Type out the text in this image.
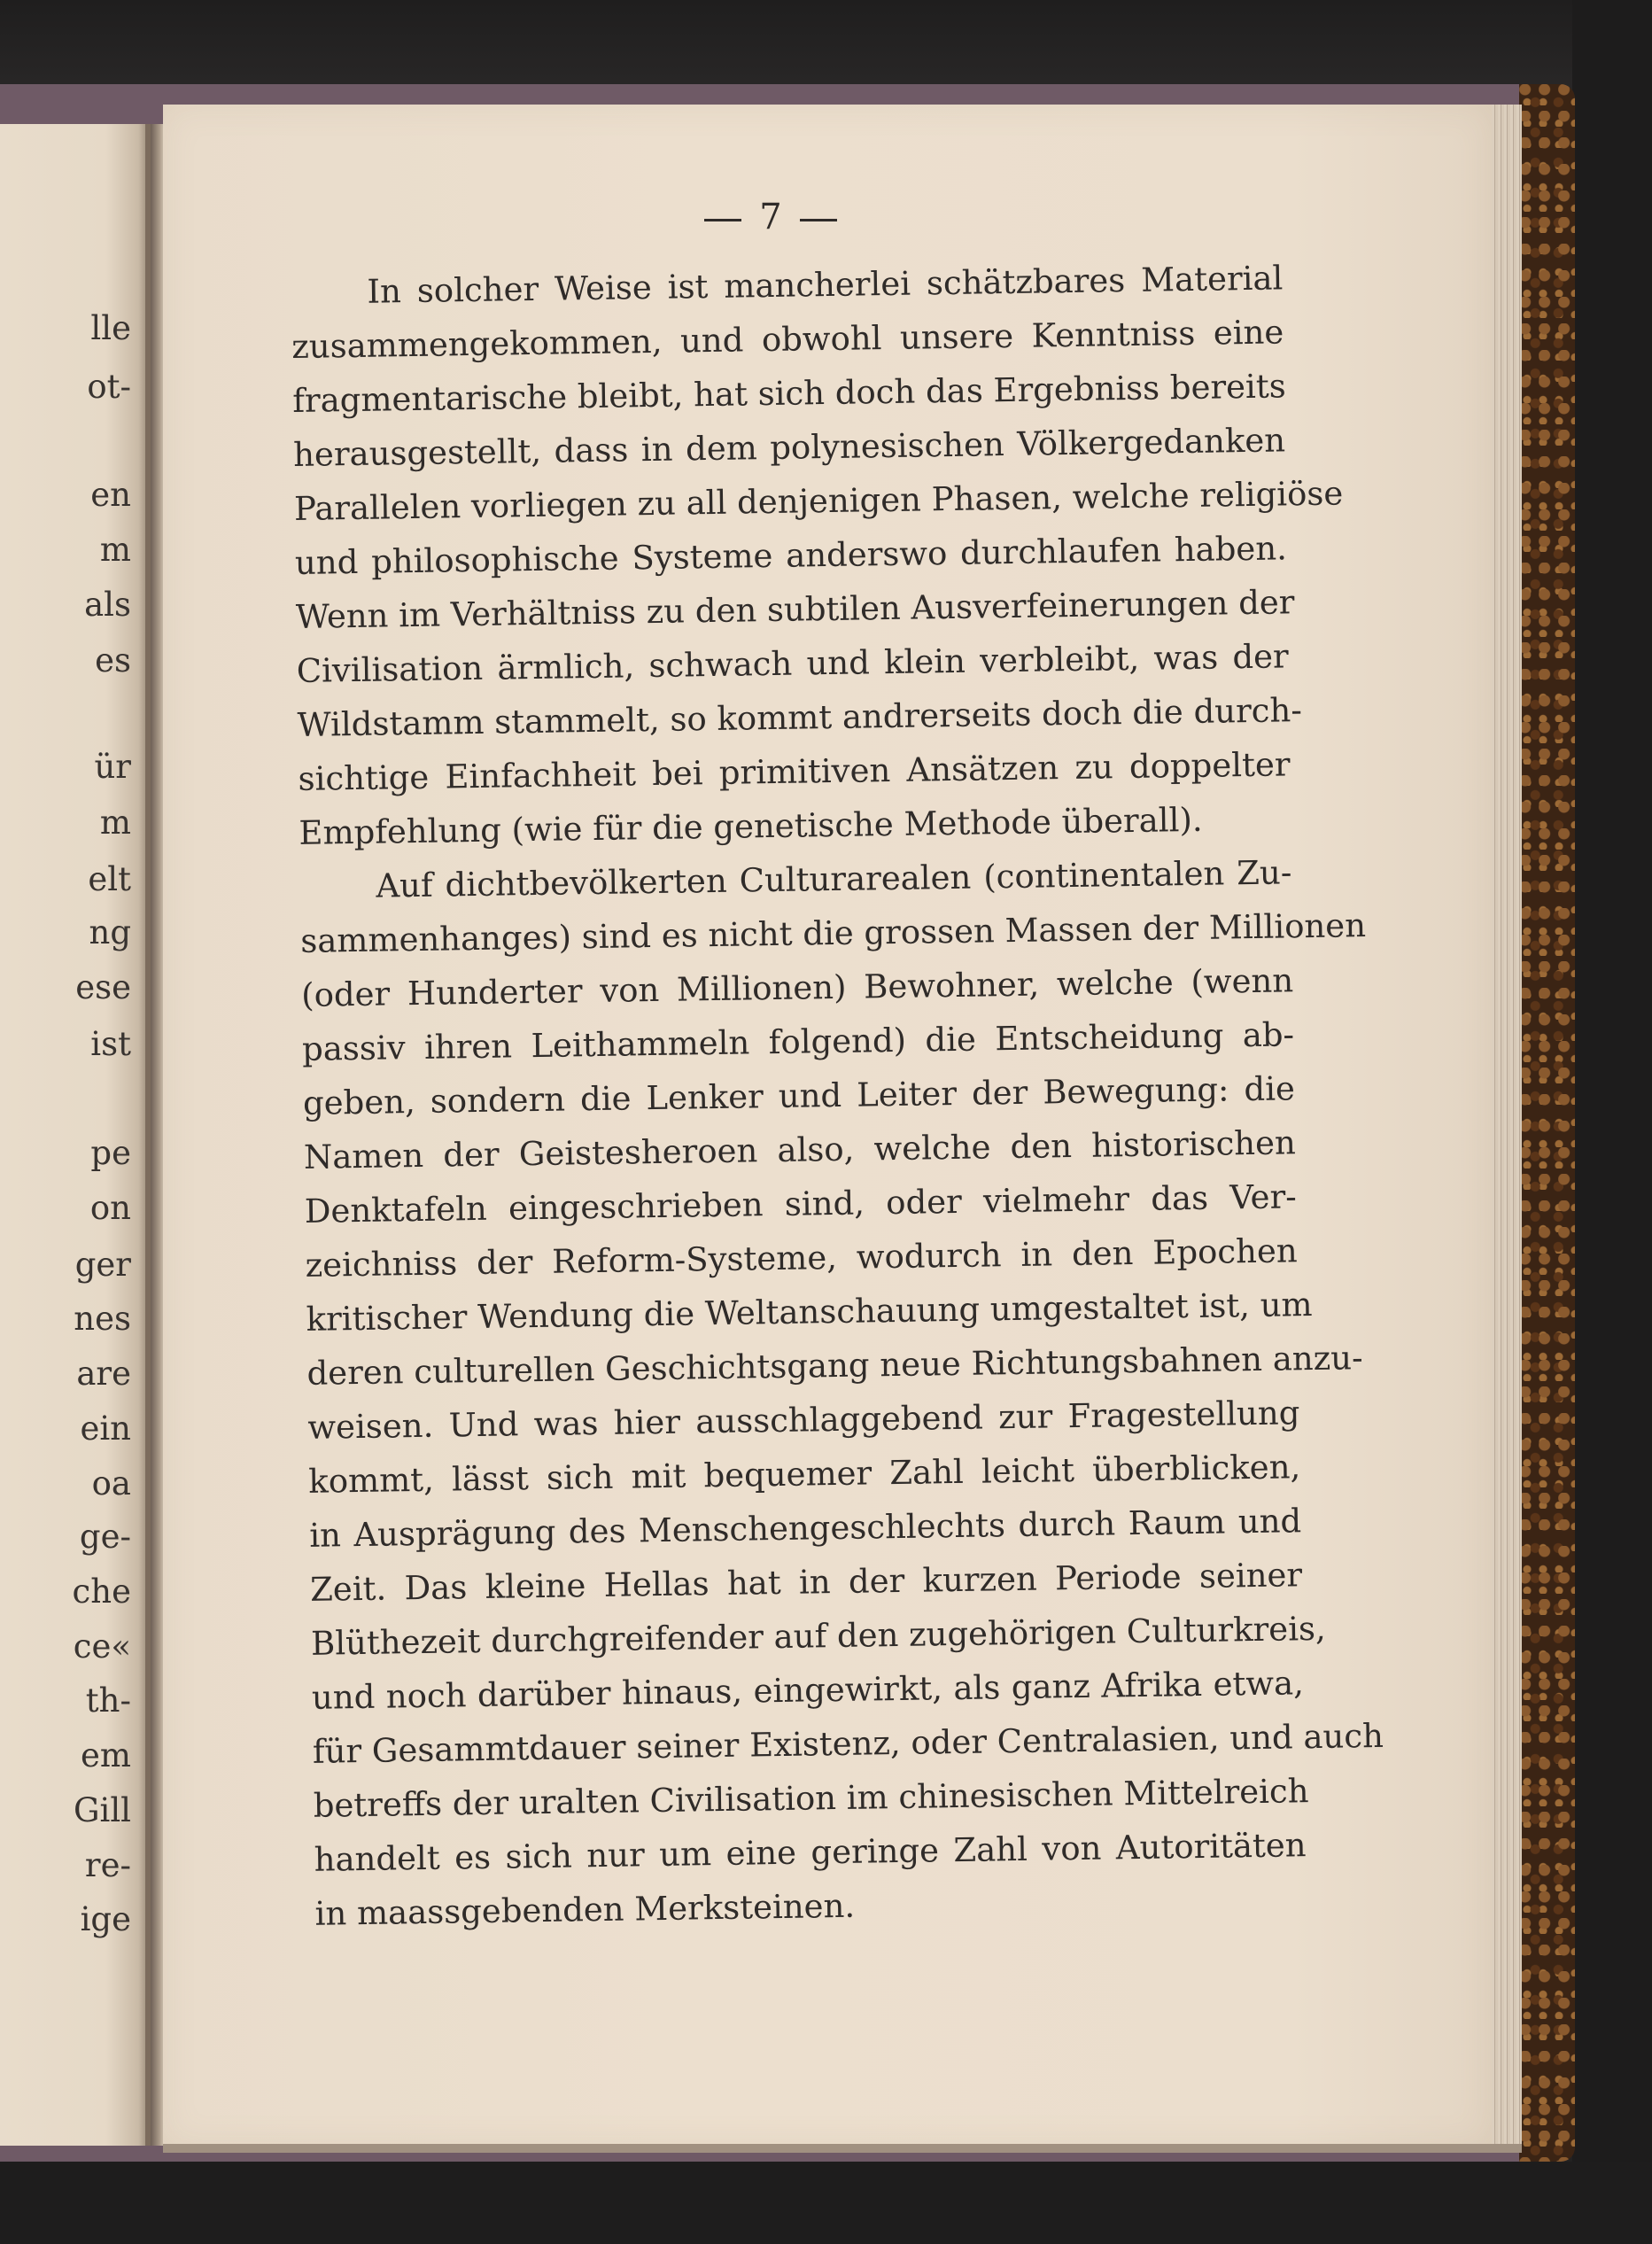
lle
ot-
en
m
als
es
ür
m
elt
ng
ese
ist
pe
on
ger
nes
are
ein
oa
ge-
che
ce«
th-
em
Gill
re-
ige
7
In solcher Weise ist mancherlei schätzbares Material
zusammengekommen, und obwohl unsere Kenntniss eine
fragmentarische bleibt, hat sich doch das Ergebniss bereits
herausgestellt, dass in dem polynesischen Völkergedanken
Parallelen vorliegen zu all denjenigen Phasen, welche religiöse
und philosophische Systeme anderswo durchlaufen haben.
Wenn im Verhältniss zu den subtilen Ausverfeinerungen der
Civilisation ärmlich, schwach und klein verbleibt, was der
Wildstamm stammelt, so kommt andrerseits doch die durch-
sichtige Einfachheit bei primitiven Ansätzen zu doppelter
Empfehlung (wie für die genetische Methode überall).
Auf dichtbevölkerten Culturarealen (continentalen Zu-
sammenhanges) sind es nicht die grossen Massen der Millionen
(oder Hunderter von Millionen) Bewohner, welche (wenn
passiv ihren Leithammeln folgend) die Entscheidung ab-
geben, sondern die Lenker und Leiter der Bewegung: die
Namen der Geistesheroen also, welche den historischen
Denktafeln eingeschrieben sind, oder vielmehr das Ver-
zeichniss der Reform-Systeme, wodurch in den Epochen
kritischer Wendung die Weltanschauung umgestaltet ist, um
deren culturellen Geschichtsgang neue Richtungsbahnen anzu-
weisen. Und was hier ausschlaggebend zur Fragestellung
kommt, lässt sich mit bequemer Zahl leicht überblicken,
in Ausprägung des Menschengeschlechts durch Raum und
Zeit. Das kleine Hellas hat in der kurzen Periode seiner
Blüthezeit durchgreifender auf den zugehörigen Culturkreis,
und noch darüber hinaus, eingewirkt, als ganz Afrika etwa,
für Gesammtdauer seiner Existenz, oder Centralasien, und auch
betreffs der uralten Civilisation im chinesischen Mittelreich
handelt es sich nur um eine geringe Zahl von Autoritäten
in maassgebenden Merksteinen.
